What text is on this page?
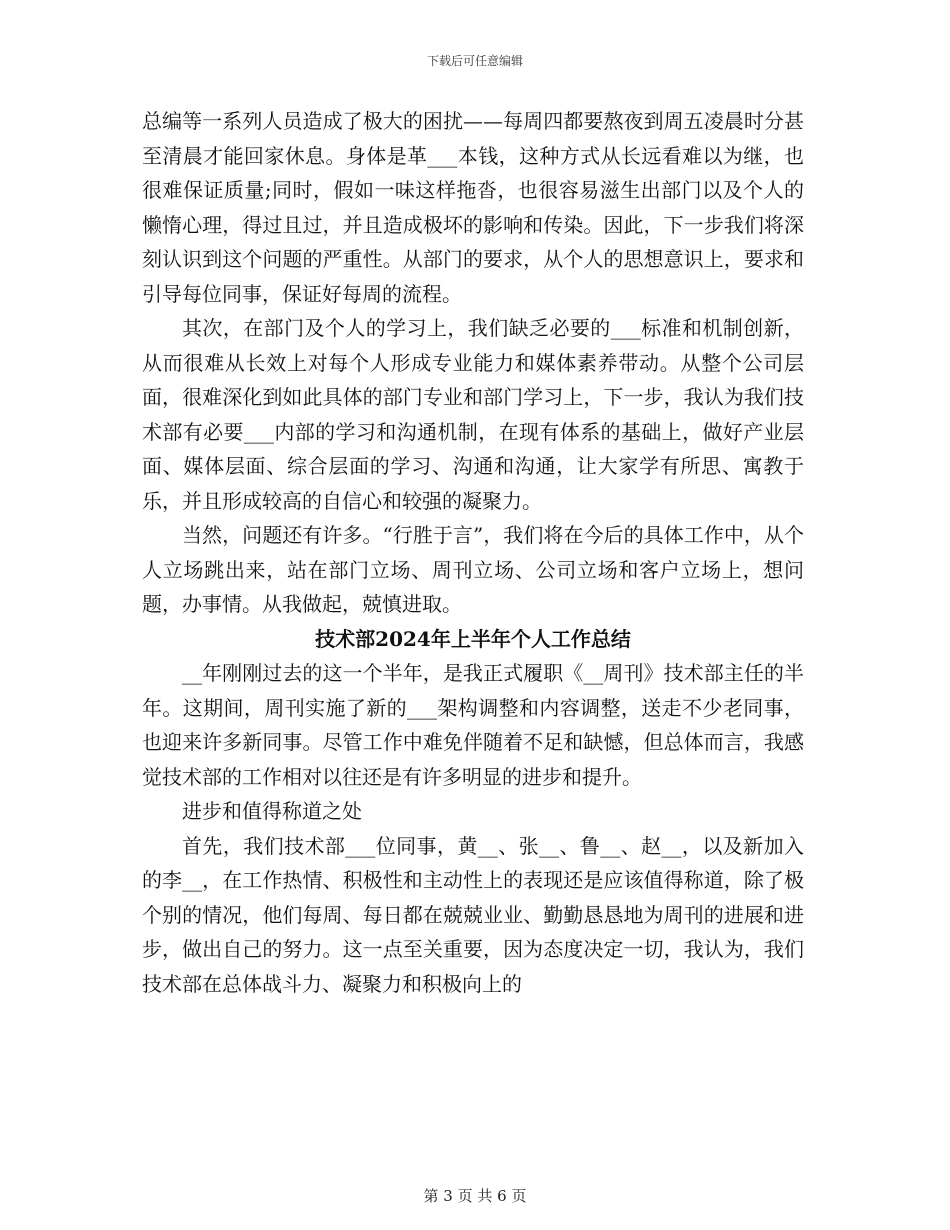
下载后可任意编辑

总编等一系列人员造成了极大的困扰——每周四都要熬夜到周五凌晨时分甚至清晨才能回家休息。身体是革___本钱，这种方式从长远看难以为继，也很难保证质量;同时，假如一味这样拖沓，也很容易滋生出部门以及个人的懒惰心理，得过且过，并且造成极坏的影响和传染。因此，下一步我们将深刻认识到这个问题的严重性。从部门的要求，从个人的思想意识上，要求和引导每位同事，保证好每周的流程。

其次，在部门及个人的学习上，我们缺乏必要的___标准和机制创新，从而很难从长效上对每个人形成专业能力和媒体素养带动。从整个公司层面，很难深化到如此具体的部门专业和部门学习上，下一步，我认为我们技术部有必要___内部的学习和沟通机制，在现有体系的基础上，做好产业层面、媒体层面、综合层面的学习、沟通和沟通，让大家学有所思、寓教于乐，并且形成较高的自信心和较强的凝聚力。

当然，问题还有许多。“行胜于言”，我们将在今后的具体工作中，从个人立场跳出来，站在部门立场、周刊立场、公司立场和客户立场上，想问题，办事情。从我做起，兢慎进取。

技术部2024年上半年个人工作总结

__年刚刚过去的这一个半年，是我正式履职《__周刊》技术部主任的半年。这期间，周刊实施了新的___架构调整和内容调整，送走不少老同事，也迎来许多新同事。尽管工作中难免伴随着不足和缺憾，但总体而言，我感觉技术部的工作相对以往还是有许多明显的进步和提升。

进步和值得称道之处

首先，我们技术部___位同事，黄__、张__、鲁__、赵__，以及新加入的李__，在工作热情、积极性和主动性上的表现还是应该值得称道，除了极个别的情况，他们每周、每日都在兢兢业业、勤勤恳恳地为周刊的进展和进步，做出自己的努力。这一点至关重要，因为态度决定一切，我认为，我们技术部在总体战斗力、凝聚力和积极向上的

第 3 页 共 6 页
